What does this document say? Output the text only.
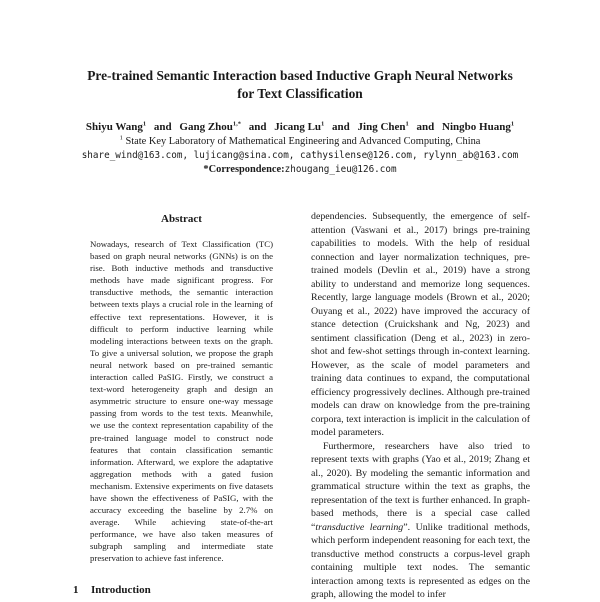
Pre-trained Semantic Interaction based Inductive Graph Neural Networks
for Text Classification
Shiyu Wang$^1$ and Gang Zhou$^{1,*}$ and Jicang Lu$^1$ and Jing Chen$^1$ and Ningbo Huang$^1$
$^1$ State Key Laboratory of Mathematical Engineering and Advanced Computing, China
share_wind@163.com, lujicang@sina.com, cathysilense@126.com, rylynn_ab@163.com
*Correspondence:zhougang_ieu@126.com
Abstract
Nowadays, research of Text Classification (TC) based on graph neural networks (GNNs) is on the rise. Both inductive methods and transductive methods have made significant progress. For transductive methods, the semantic interaction between texts plays a crucial role in the learning of effective text representations. However, it is difficult to perform inductive learning while modeling interactions between texts on the graph. To give a universal solution, we propose the graph neural network based on pre-trained semantic interaction called PaSIG. Firstly, we construct a text-word heterogeneity graph and design an asymmetric structure to ensure one-way message passing from words to the test texts. Meanwhile, we use the context representation capability of the pre-trained language model to construct node features that contain classification semantic information. Afterward, we explore the adaptative aggregation methods with a gated fusion mechanism. Extensive experiments on five datasets have shown the effectiveness of PaSIG, with the accuracy exceeding the baseline by 2.7% on average. While achieving state-of-the-art performance, we have also taken measures of subgraph sampling and intermediate state preservation to achieve fast inference.
1 Introduction

dependencies. Subsequently, the emergence of self-attention (Vaswani et al., 2017) brings pre-training capabilities to models. With the help of residual connection and layer normalization techniques, pre-trained models (Devlin et al., 2019) have a strong ability to understand and memorize long sequences. Recently, large language models (Brown et al., 2020; Ouyang et al., 2022) have improved the accuracy of stance detection (Cruickshank and Ng, 2023) and sentiment classification (Deng et al., 2023) in zero-shot and few-shot settings through in-context learning. However, as the scale of model parameters and training data continues to expand, the computational efficiency progressively declines. Although pre-trained models can draw on knowledge from the pre-training corpora, text interaction is implicit in the calculation of model parameters.

Furthermore, researchers have also tried to represent texts with graphs (Yao et al., 2019; Zhang et al., 2020). By modeling the semantic information and grammatical structure within the text as graphs, the representation of the text is further enhanced. In graph-based methods, there is a special case called “transductive learning”. Unlike traditional methods, which perform independent reasoning for each text, the transductive method constructs a corpus-level graph containing multiple text nodes. The semantic interaction among texts is represented as edges on the graph, allowing the model to infer
